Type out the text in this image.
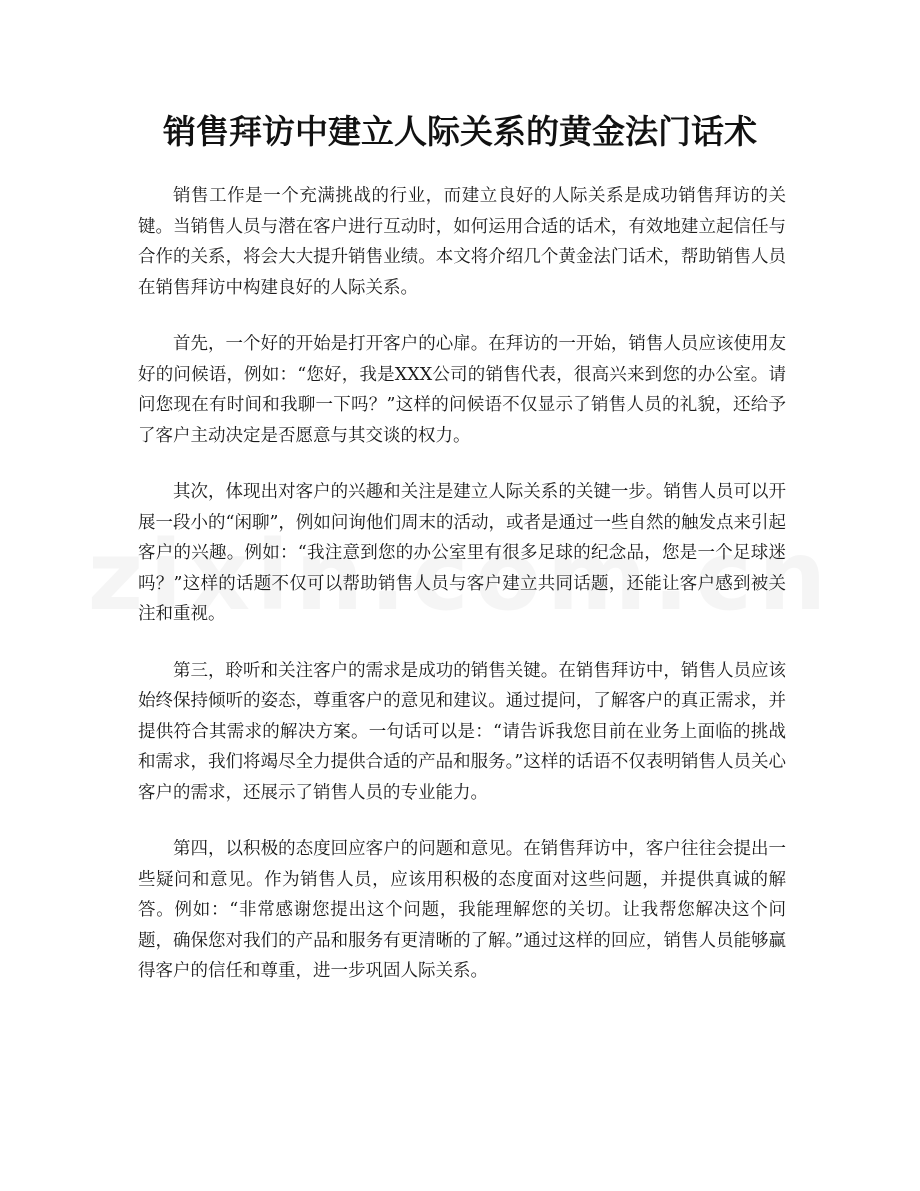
销售拜访中建立人际关系的黄金法门话术

销售工作是一个充满挑战的行业，而建立良好的人际关系是成功销售拜访的关键。当销售人员与潜在客户进行互动时，如何运用合适的话术，有效地建立起信任与合作的关系，将会大大提升销售业绩。本文将介绍几个黄金法门话术，帮助销售人员在销售拜访中构建良好的人际关系。

首先，一个好的开始是打开客户的心扉。在拜访的一开始，销售人员应该使用友好的问候语，例如：“您好，我是XXX公司的销售代表，很高兴来到您的办公室。请问您现在有时间和我聊一下吗？”这样的问候语不仅显示了销售人员的礼貌，还给予了客户主动决定是否愿意与其交谈的权力。

其次，体现出对客户的兴趣和关注是建立人际关系的关键一步。销售人员可以开展一段小的“闲聊”，例如问询他们周末的活动，或者是通过一些自然的触发点来引起客户的兴趣。例如：“我注意到您的办公室里有很多足球的纪念品，您是一个足球迷吗？”这样的话题不仅可以帮助销售人员与客户建立共同话题，还能让客户感到被关注和重视。

第三，聆听和关注客户的需求是成功的销售关键。在销售拜访中，销售人员应该始终保持倾听的姿态，尊重客户的意见和建议。通过提问，了解客户的真正需求，并提供符合其需求的解决方案。一句话可以是：“请告诉我您目前在业务上面临的挑战和需求，我们将竭尽全力提供合适的产品和服务。”这样的话语不仅表明销售人员关心客户的需求，还展示了销售人员的专业能力。

第四，以积极的态度回应客户的问题和意见。在销售拜访中，客户往往会提出一些疑问和意见。作为销售人员，应该用积极的态度面对这些问题，并提供真诚的解答。例如：“非常感谢您提出这个问题，我能理解您的关切。让我帮您解决这个问题，确保您对我们的产品和服务有更清晰的了解。”通过这样的回应，销售人员能够赢得客户的信任和尊重，进一步巩固人际关系。
